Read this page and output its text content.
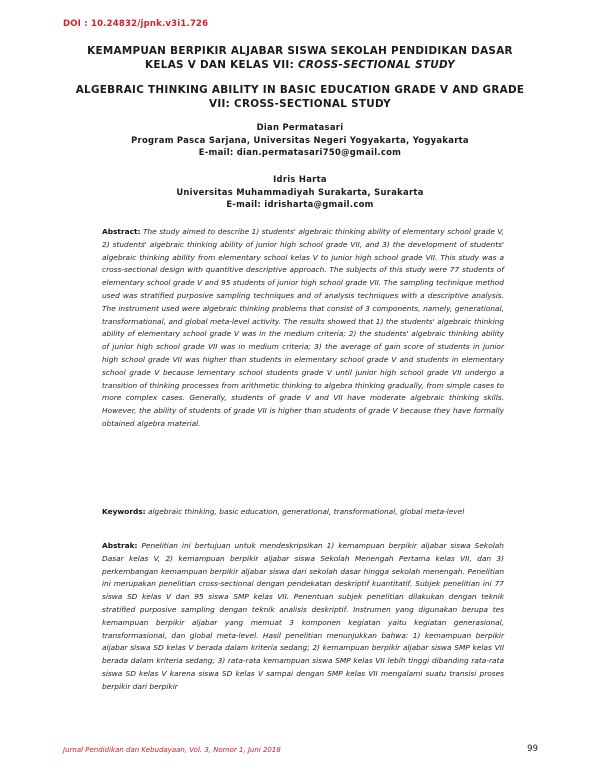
DOI : 10.24832/jpnk.v3i1.726
KEMAMPUAN BERPIKIR ALJABAR SISWA SEKOLAH PENDIDIKAN DASAR
KELAS V DAN KELAS VII: CROSS-SECTIONAL STUDY
ALGEBRAIC THINKING ABILITY IN BASIC EDUCATION GRADE V AND GRADE
VII: CROSS-SECTIONAL STUDY
Dian Permatasari
Program Pasca Sarjana, Universitas Negeri Yogyakarta, Yogyakarta
E-mail: dian.permatasari750@gmail.com
Idris Harta
Universitas Muhammadiyah Surakarta, Surakarta
E-mail: idrisharta@gmail.com
Abstract: The study aimed to describe 1) students' algebraic thinking ability of elementary school grade V, 2) students' algebraic thinking ability of junior high school grade VII, and 3) the development of students' algebraic thinking ability from elementary school kelas V to junior high school grade VII. This study was a cross-sectional design with quantitive descriptive approach. The subjects of this study were 77 students of elementary school grade V and 95 students of junior high school grade VII. The sampling technique method used was stratified purposive sampling techniques and of analysis techniques with a descriptive analysis. The instrument used were algebraic thinking problems that consist of 3 components, namely, generational, transformational, and global meta-level activity. The results showed that 1) the students' algebraic thinking ability of elementary school grade V was in the medium criteria; 2) the students' algebraic thinking ability of junior high school grade VII was in medium criteria; 3) the average of gain score of students in junior high school grade VII was higher than students in elementary school grade V and students in elementary school grade V because lementary school students grade V until junior high school grade VII undergo a transition of thinking processes from arithmetic thinking to algebra thinking gradually, from simple cases to more complex cases. Generally, students of grade V and VII have moderate algebraic thinking skills. However, the ability of students of grade VII is higher than students of grade V because they have formally obtained algebra material.
Keywords: algebraic thinking, basic education, generational, transformational, global meta-level
Abstrak: Penelitian ini bertujuan untuk mendeskripsikan 1) kemampuan berpikir aljabar siswa Sekolah Dasar kelas V, 2) kemampuan berpikir aljabar siswa Sekolah Menengah Pertama kelas VII, dan 3) perkembangan kemampuan berpikir aljabar siswa dari sekolah dasar hingga sekolah menengah. Penelitian ini merupakan penelitian cross-sectional dengan pendekatan deskriptif kuantitatif. Subjek penelitian ini 77 siswa SD kelas V dan 95 siswa SMP kelas VII. Penentuan subjek penelitian dilakukan dengan teknik stratified purposive sampling dengan teknik analisis deskriptif. Instrumen yang digunakan berupa tes kemampuan berpikir aljabar yang memuat 3 komponen kegiatan yaitu kegiatan generasional, transformasional, dan global meta-level. Hasil penelitian menunjukkan bahwa: 1) kemampuan berpikir aljabar siswa SD kelas V berada dalam kriteria sedang; 2) kemampuan berpikir aljabar siswa SMP kelas VII berada dalam kriteria sedang; 3) rata-rata kemampuan siswa SMP kelas VII lebih tinggi dibanding rata-rata siswa SD kelas V karena siswa SD kelas V sampai dengan SMP kelas VII mengalami suatu transisi proses berpikir dari berpikir
Jurnal Pendidikan dan Kebudayaan, Vol. 3, Nomor 1, Juni 2018	99
